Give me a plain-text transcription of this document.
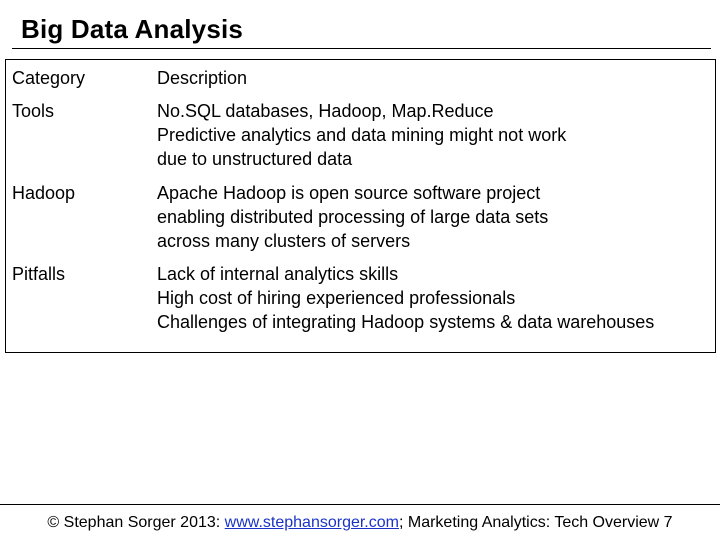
Big Data Analysis
Category	Description
Tools	No.SQL databases, Hadoop, Map.Reduce
Predictive analytics and data mining might not work
due to unstructured data
Hadoop	Apache Hadoop is open source software project
enabling distributed processing of large data sets
across many clusters of servers
Pitfalls	Lack of internal analytics skills
High cost of hiring experienced professionals
Challenges of integrating Hadoop systems & data warehouses
© Stephan Sorger 2013: www.stephansorger.com; Marketing Analytics: Tech Overview 7
